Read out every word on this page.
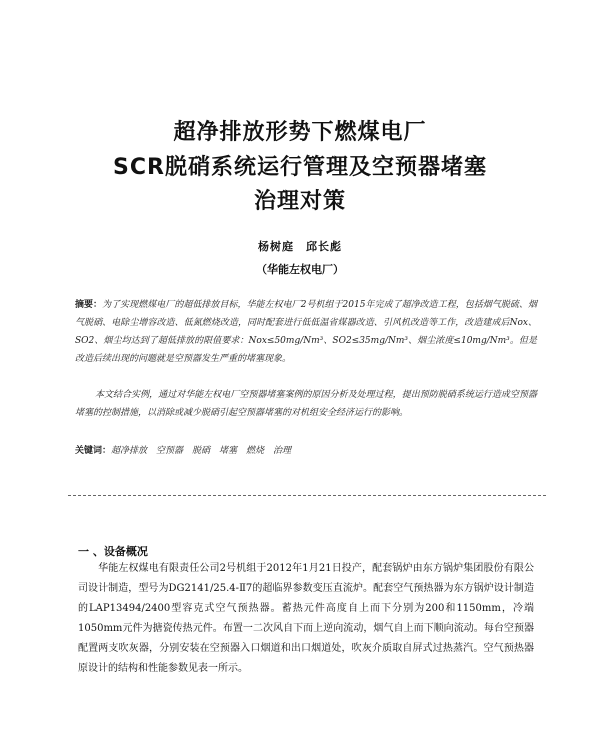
超净排放形势下燃煤电厂
SCR脱硝系统运行管理及空预器堵塞
治理对策
杨树庭　邱长彪
（华能左权电厂）
摘要：为了实现燃煤电厂的超低排放目标，华能左权电厂2号机组于2015年完成了超净改造工程，包括烟气脱硫、烟气脱硝、电除尘增容改造、低氮燃烧改造，同时配套进行低低温省煤器改造、引风机改造等工作，改造建成后Nox、SO2、烟尘均达到了超低排放的限值要求：Nox≤50mg/Nm³、SO2≤35mg/Nm³、烟尘浓度≤10mg/Nm³。但是改造后续出现的问题就是空预器发生严重的堵塞现象。
本文结合实例，通过对华能左权电厂空预器堵塞案例的原因分析及处理过程，提出预防脱硝系统运行造成空预器堵塞的控制措施，以消除或减少脱硝引起空预器堵塞的对机组安全经济运行的影响。
关键词：超净排放　空预器　脱硝　堵塞　燃烧　治理
一 、设备概况
华能左权煤电有限责任公司2号机组于2012年1月21日投产，配套锅炉由东方锅炉集团股份有限公司设计制造，型号为DG2141/25.4-Ⅱ7的超临界参数变压直流炉。配套空气预热器为东方锅炉设计制造的LAP13494/2400型容克式空气预热器。蓄热元件高度自上而下分别为200和1150mm，冷端1050mm元件为搪瓷传热元件。布置一二次风自下而上逆向流动，烟气自上而下顺向流动。每台空预器配置两支吹灰器，分别安装在空预器入口烟道和出口烟道处，吹灰介质取自屏式过热蒸汽。空气预热器原设计的结构和性能参数见表一所示。
